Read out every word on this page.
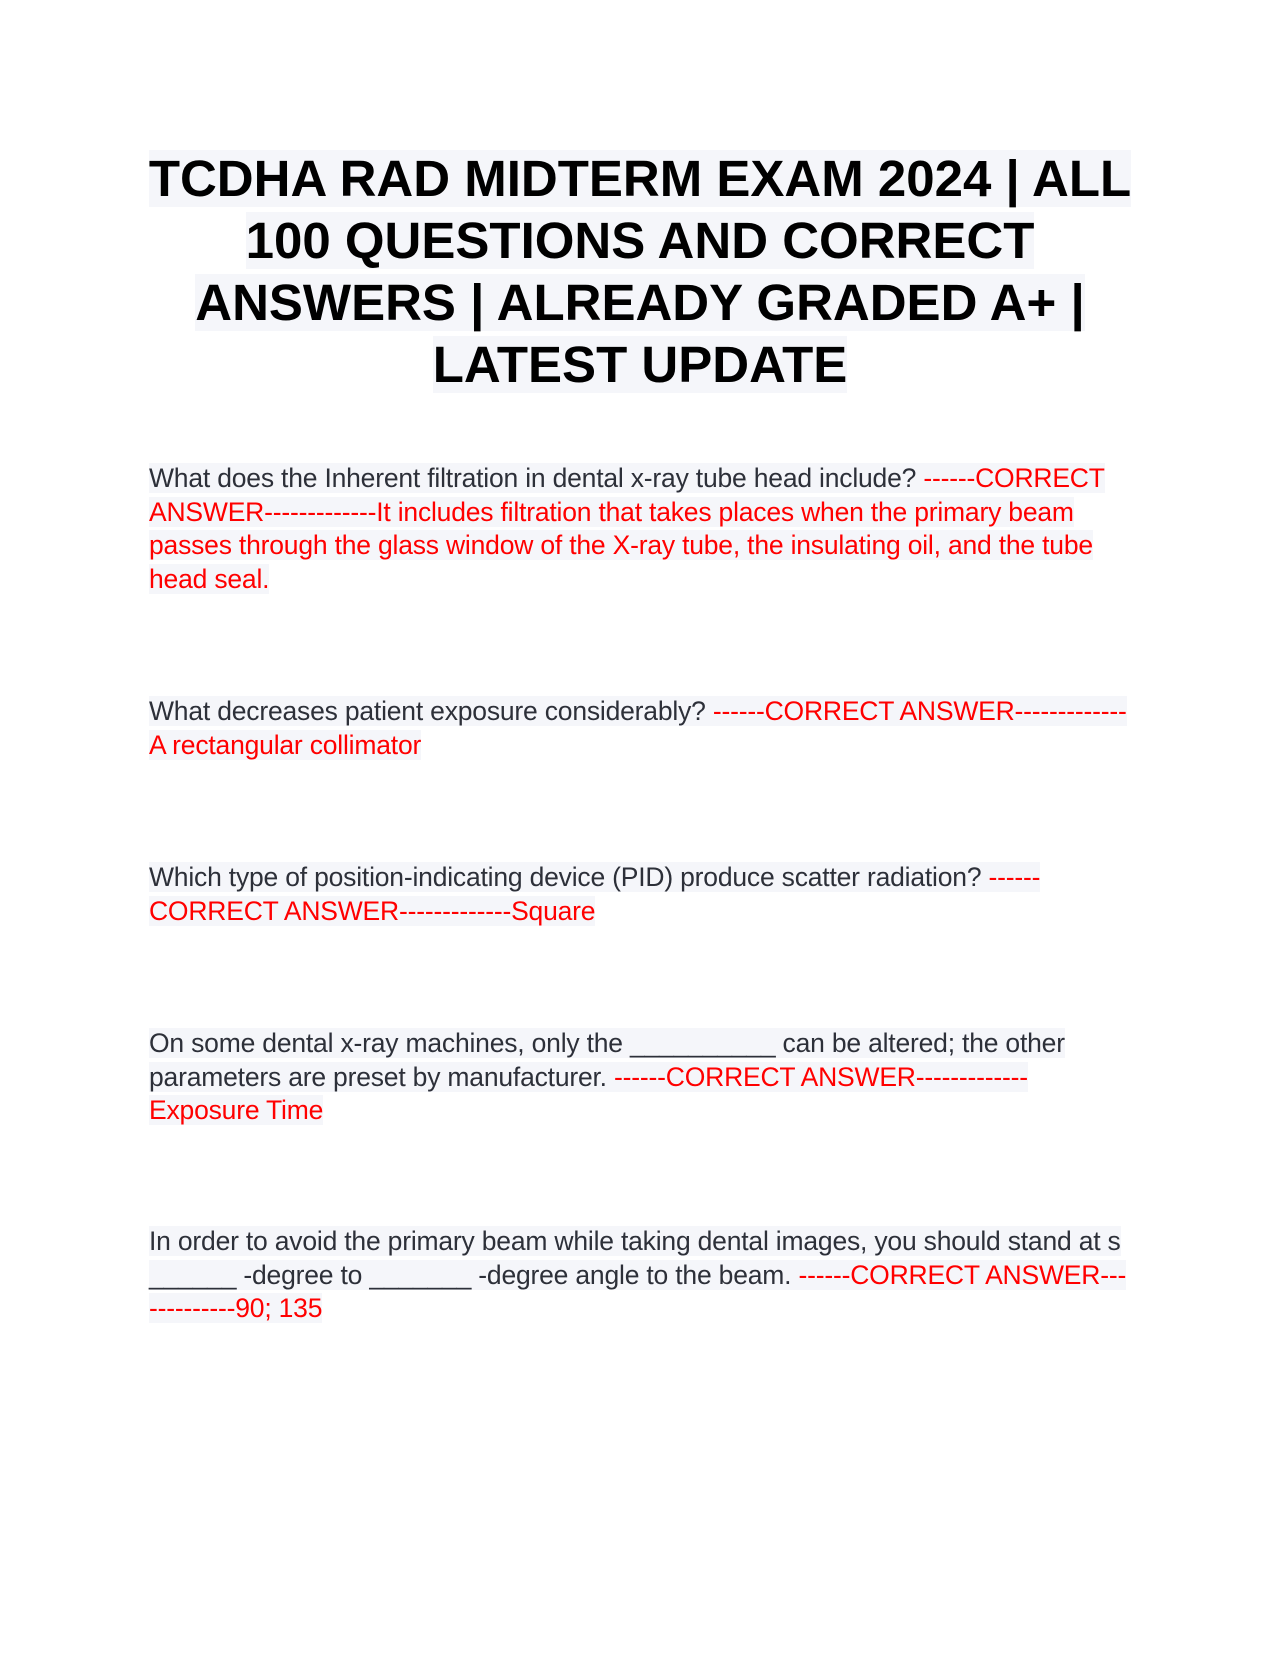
TCDHA RAD MIDTERM EXAM 2024 | ALL 100 QUESTIONS AND CORRECT ANSWERS | ALREADY GRADED A+ | LATEST UPDATE
What does the Inherent filtration in dental x-ray tube head include? ------CORRECT ANSWER-------------It includes filtration that takes places when the primary beam passes through the glass window of the X-ray tube, the insulating oil, and the tube head seal.
What decreases patient exposure considerably? ------CORRECT ANSWER-------------A rectangular collimator
Which type of position-indicating device (PID) produce scatter radiation? ------CORRECT ANSWER-------------Square
On some dental x-ray machines, only the __________ can be altered; the other parameters are preset by manufacturer. ------CORRECT ANSWER-------------Exposure Time
In order to avoid the primary beam while taking dental images, you should stand at s ______ -degree to _______ -degree angle to the beam. ------CORRECT ANSWER-------------90; 135
